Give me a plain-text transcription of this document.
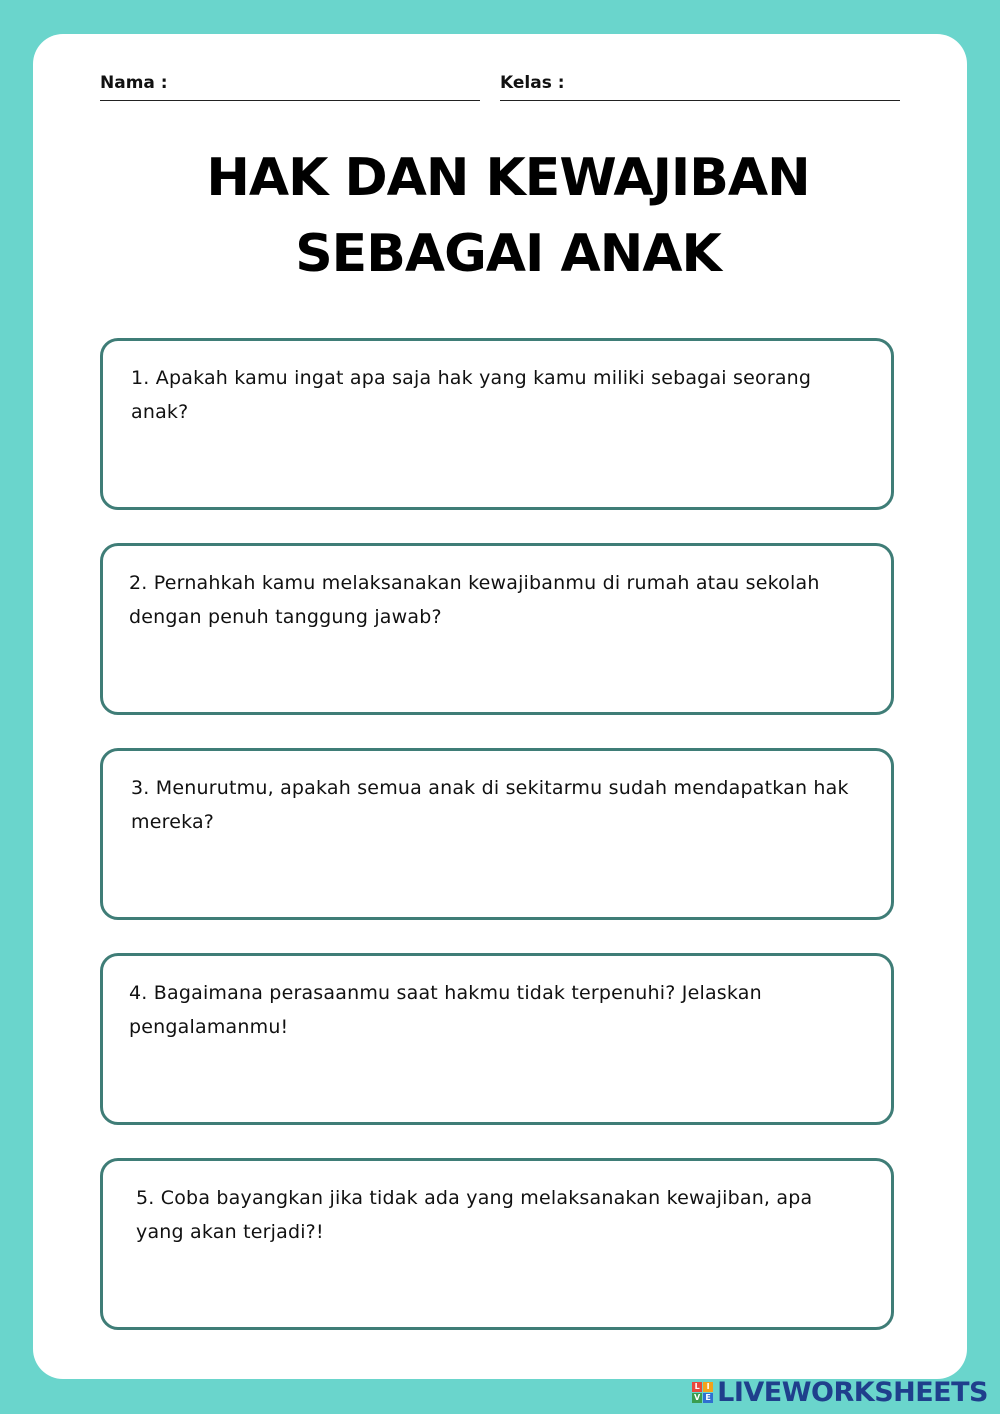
Nama :	Kelas :
HAK DAN KEWAJIBAN
SEBAGAI ANAK
1. Apakah kamu ingat apa saja hak yang kamu miliki sebagai seorang anak?
2. Pernahkah kamu melaksanakan kewajibanmu di rumah atau sekolah dengan penuh tanggung jawab?
3. Menurutmu, apakah semua anak di sekitarmu sudah mendapatkan hak mereka?
4. Bagaimana perasaanmu saat hakmu tidak terpenuhi? Jelaskan pengalamanmu!
5. Coba bayangkan jika tidak ada yang melaksanakan kewajiban, apa yang akan terjadi?!
L I
V E LIVEWORKSHEETS
